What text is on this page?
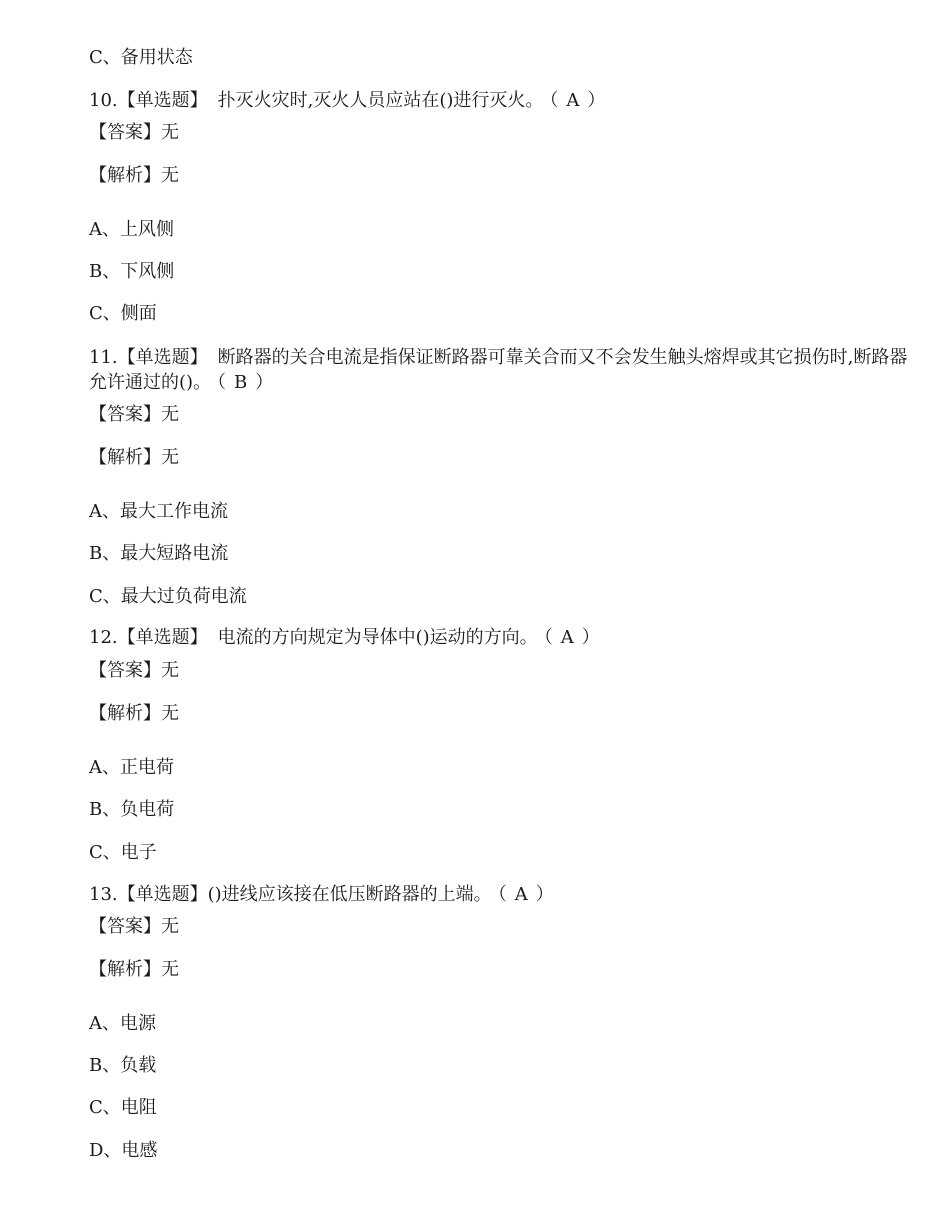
C、备用状态
10.【单选题】 扑灭火灾时,灭火人员应站在()进行灭火。 （ A ）
【答案】无
【解析】无
A、上风侧
B、下风侧
C、侧面
11.【单选题】 断路器的关合电流是指保证断路器可靠关合而又不会发生触头熔焊或其它损伤时,断路器允许通过的()。 （ B ）
【答案】无
【解析】无
A、最大工作电流
B、最大短路电流
C、最大过负荷电流
12.【单选题】 电流的方向规定为导体中()运动的方向。 （ A ）
【答案】无
【解析】无
A、正电荷
B、负电荷
C、电子
13.【单选题】()进线应该接在低压断路器的上端。 （ A ）
【答案】无
【解析】无
A、电源
B、负载
C、电阻
D、电感
